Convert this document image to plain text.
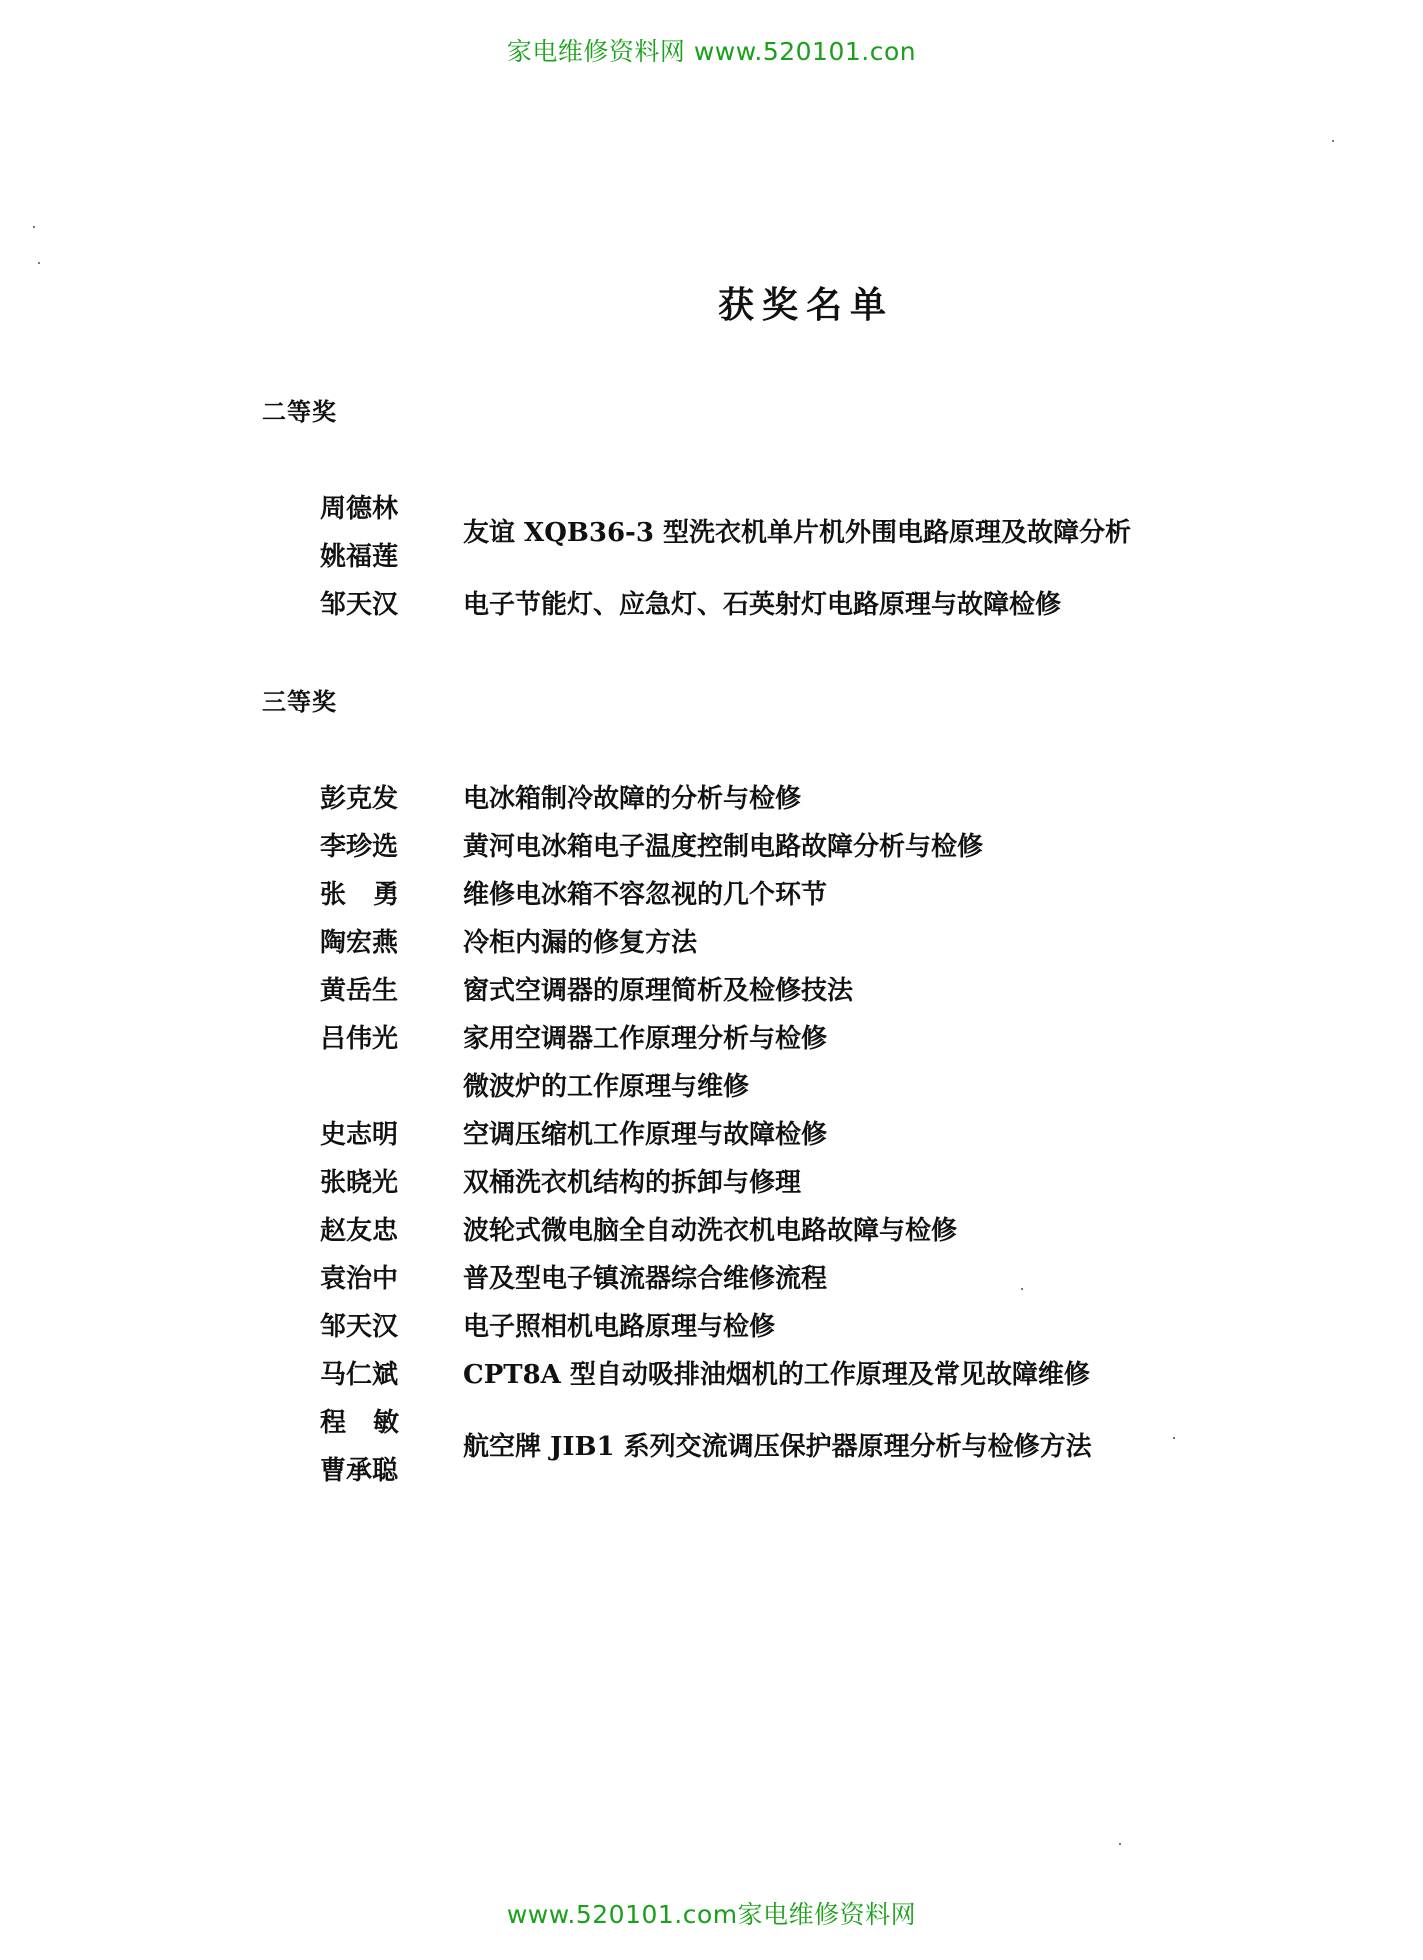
家电维修资料网 www.520101.con
获奖名单
二等奖
周德林
姚福莲
友谊 XQB36-3 型洗衣机单片机外围电路原理及故障分析
邹天汉 电子节能灯、应急灯、石英射灯电路原理与故障检修
三等奖
彭克发 电冰箱制冷故障的分析与检修
李珍选 黄河电冰箱电子温度控制电路故障分析与检修
张勇 维修电冰箱不容忽视的几个环节
陶宏燕 冷柜内漏的修复方法
黄岳生 窗式空调器的原理简析及检修技法
吕伟光 家用空调器工作原理分析与检修
微波炉的工作原理与维修
史志明 空调压缩机工作原理与故障检修
张晓光 双桶洗衣机结构的拆卸与修理
赵友忠 波轮式微电脑全自动洗衣机电路故障与检修
袁治中 普及型电子镇流器综合维修流程
邹天汉 电子照相机电路原理与检修
马仁斌 CPT8A 型自动吸排油烟机的工作原理及常见故障维修
程敏
曹承聪
航空牌 JIB1 系列交流调压保护器原理分析与检修方法
www.520101.com家电维修资料网
